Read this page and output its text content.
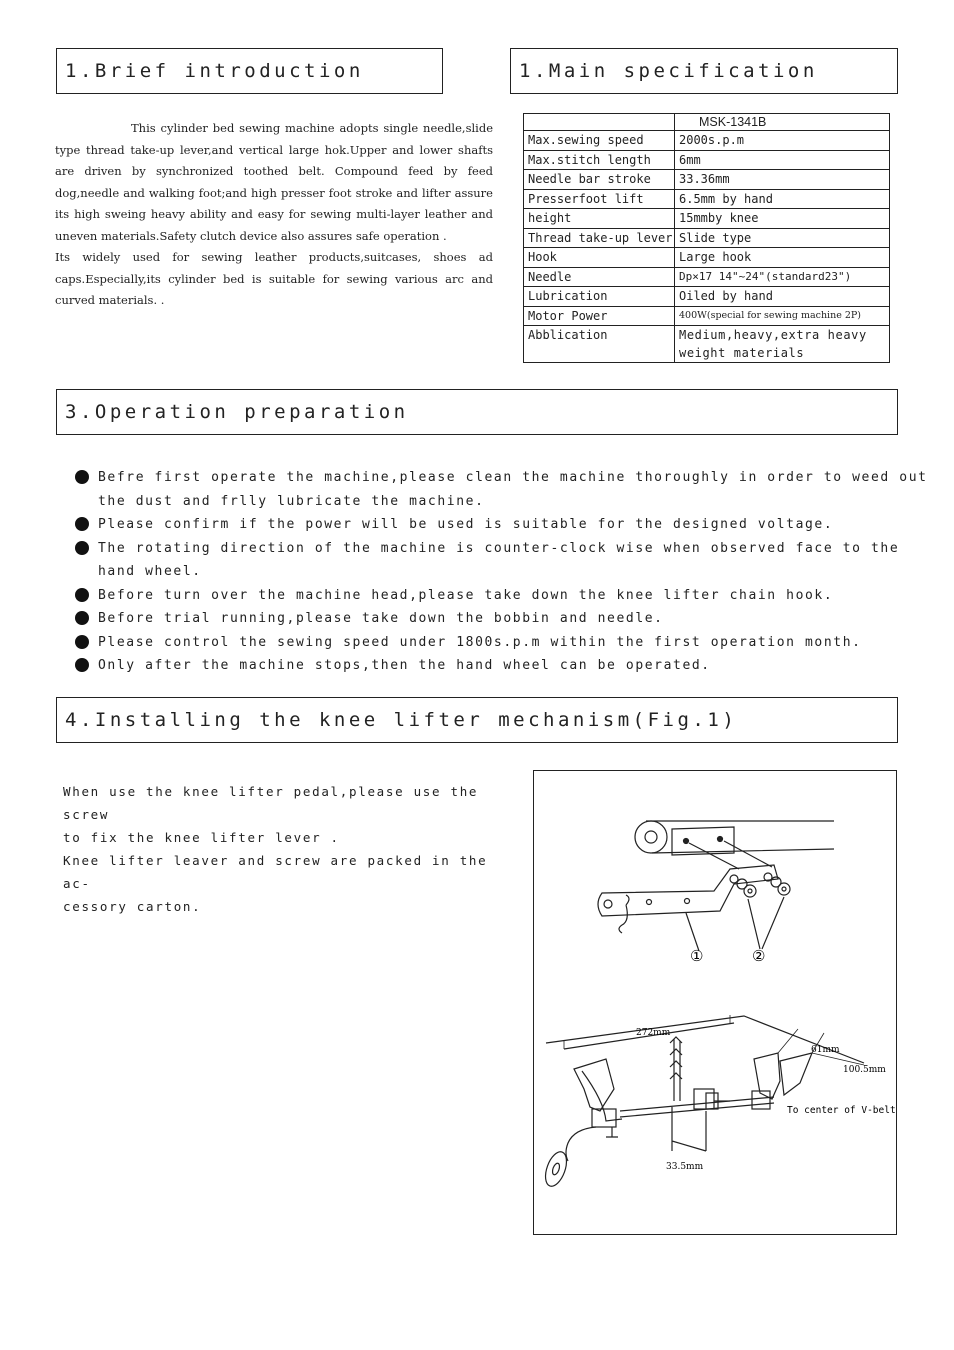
1.Brief introduction

This cylinder bed sewing machine adopts single needle,slide type thread take-up lever,and vertical large hok.Upper and lower shafts are driven by synchronized toothed belt. Compound feed by feed dog,needle and walking foot;and high presser foot stroke and lifter assure its high sweing heavy ability and easy for sewing multi-layer leather and uneven materials.Safety clutch device also assures safe operation .

Its widely used for sewing leather products,suitcases, shoes ad caps.Especially,its cylinder bed is suitable for sewing various arc and curved materials. .

1.Main specification
	MSK-1341B
Max.sewing speed	2000s.p.m
Max.stitch length	6mm
Needle bar stroke	33.36mm
Presserfoot lift	6.5mm by hand
height	15mmby knee
Thread take-up lever	Slide type
Hook	Large hook
Needle	Dp×17 14"~24"(standard23")
Lubrication	Oiled by hand
Motor Power	400W(special for sewing machine 2P)
Abblication	Medium,heavy,extra heavy weight materials
3.Operation preparation
Befre first operate the machine,please clean the machine thoroughly in order to weed out the dust and frlly lubricate the machine.
Please confirm if the power will be used is suitable for the designed voltage.
The rotating direction of the machine is counter-clock wise when observed face to the hand wheel.
Before turn over the machine head,please take down the knee lifter chain hook.
Before trial running,please take down the bobbin and needle.
Please control the sewing speed under 1800s.p.m within the first operation month.
Only after the machine stops,then the hand wheel can be operated.
4.Installing the knee lifter mechanism(Fig.1)
When use the knee lifter pedal,please use the screw
to fix the knee lifter lever .
Knee lifter leaver and screw are packed in the ac-
cessory carton.
①	②
272mm
61mm
100.5mm
33.5mm
To center of V-belt
